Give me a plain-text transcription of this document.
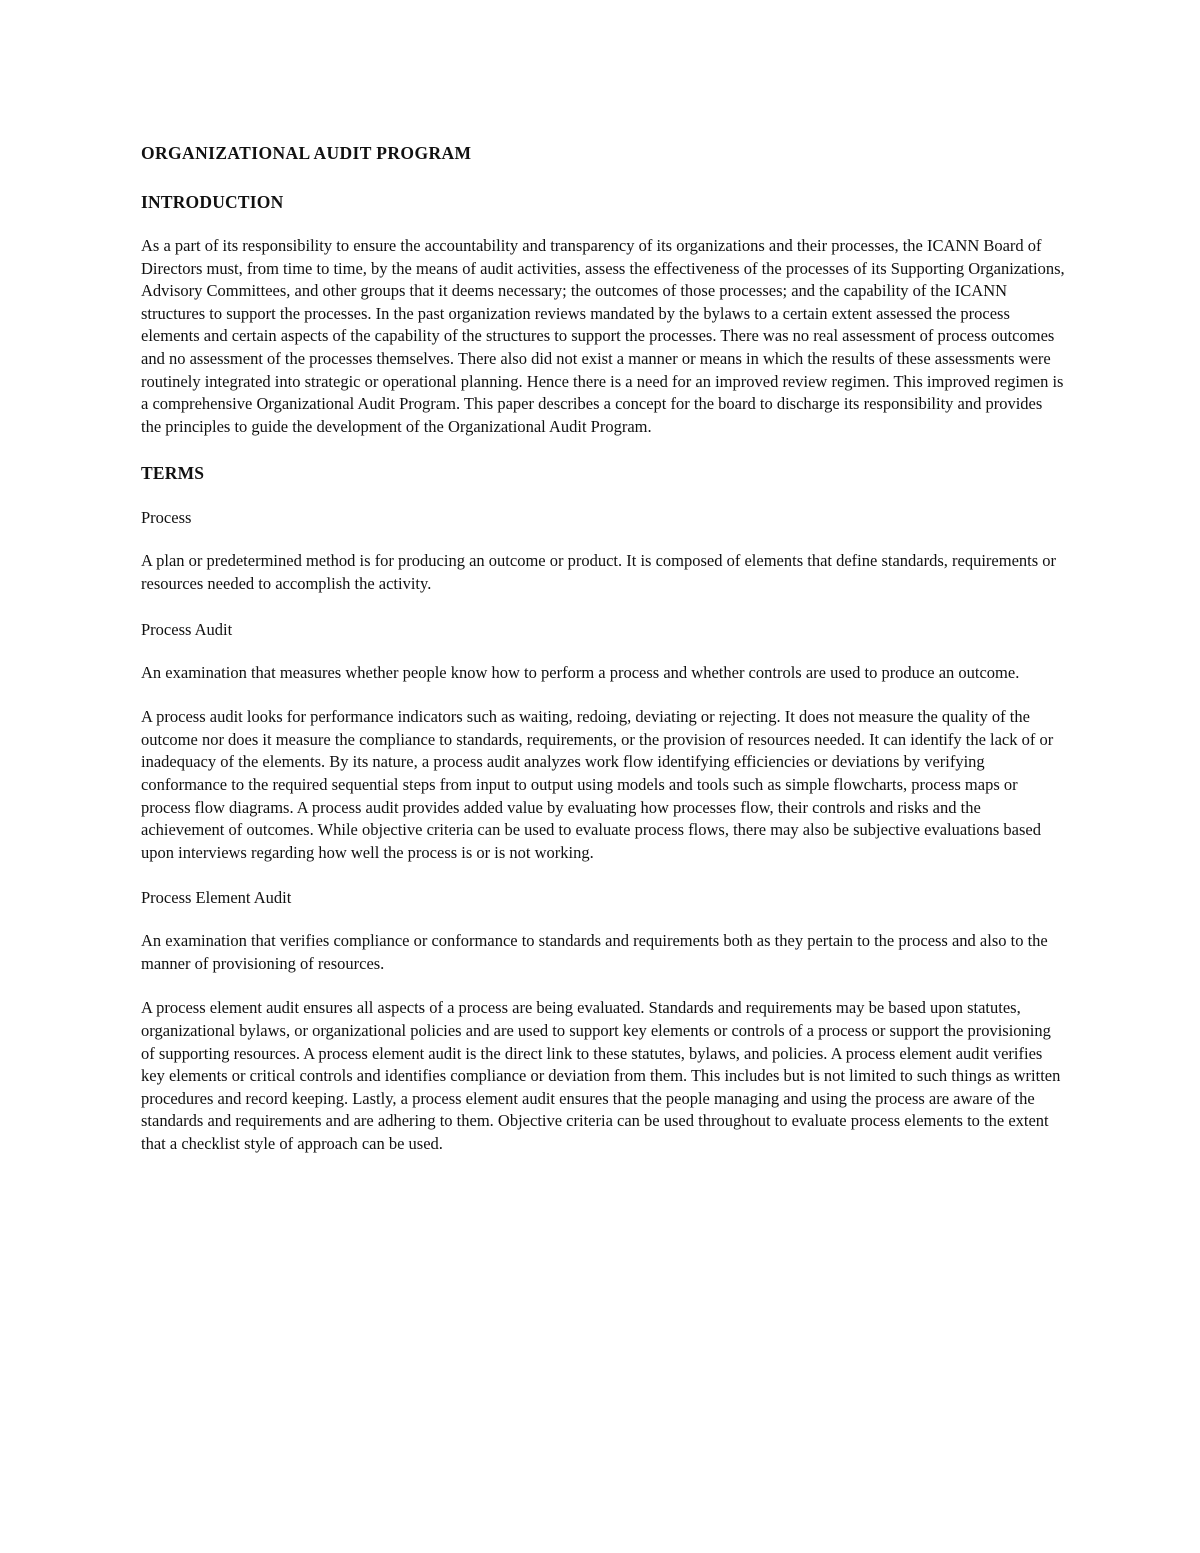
ORGANIZATIONAL AUDIT PROGRAM
INTRODUCTION

As a part of its responsibility to ensure the accountability and transparency of its organizations and their processes, the ICANN Board of Directors must, from time to time, by the means of audit activities, assess the effectiveness of the processes of its Supporting Organizations, Advisory Committees, and other groups that it deems necessary; the outcomes of those processes; and the capability of the ICANN structures to support the processes. In the past organization reviews mandated by the bylaws to a certain extent assessed the process elements and certain aspects of the capability of the structures to support the processes. There was no real assessment of process outcomes and no assessment of the processes themselves. There also did not exist a manner or means in which the results of these assessments were routinely integrated into strategic or operational planning. Hence there is a need for an improved review regimen. This improved regimen is a comprehensive Organizational Audit Program. This paper describes a concept for the board to discharge its responsibility and provides the principles to guide the development of the Organizational Audit Program.

TERMS
Process

A plan or predetermined method is for producing an outcome or product. It is composed of elements that define standards, requirements or resources needed to accomplish the activity.

Process Audit

An examination that measures whether people know how to perform a process and whether controls are used to produce an outcome.

A process audit looks for performance indicators such as waiting, redoing, deviating or rejecting. It does not measure the quality of the outcome nor does it measure the compliance to standards, requirements, or the provision of resources needed. It can identify the lack of or inadequacy of the elements. By its nature, a process audit analyzes work flow identifying efficiencies or deviations by verifying conformance to the required sequential steps from input to output using models and tools such as simple flowcharts, process maps or process flow diagrams. A process audit provides added value by evaluating how processes flow, their controls and risks and the achievement of outcomes. While objective criteria can be used to evaluate process flows, there may also be subjective evaluations based upon interviews regarding how well the process is or is not working.

Process Element Audit

An examination that verifies compliance or conformance to standards and requirements both as they pertain to the process and also to the manner of provisioning of resources.

A process element audit ensures all aspects of a process are being evaluated. Standards and requirements may be based upon statutes, organizational bylaws, or organizational policies and are used to support key elements or controls of a process or support the provisioning of supporting resources. A process element audit is the direct link to these statutes, bylaws, and policies. A process element audit verifies key elements or critical controls and identifies compliance or deviation from them. This includes but is not limited to such things as written procedures and record keeping. Lastly, a process element audit ensures that the people managing and using the process are aware of the standards and requirements and are adhering to them. Objective criteria can be used throughout to evaluate process elements to the extent that a checklist style of approach can be used.
